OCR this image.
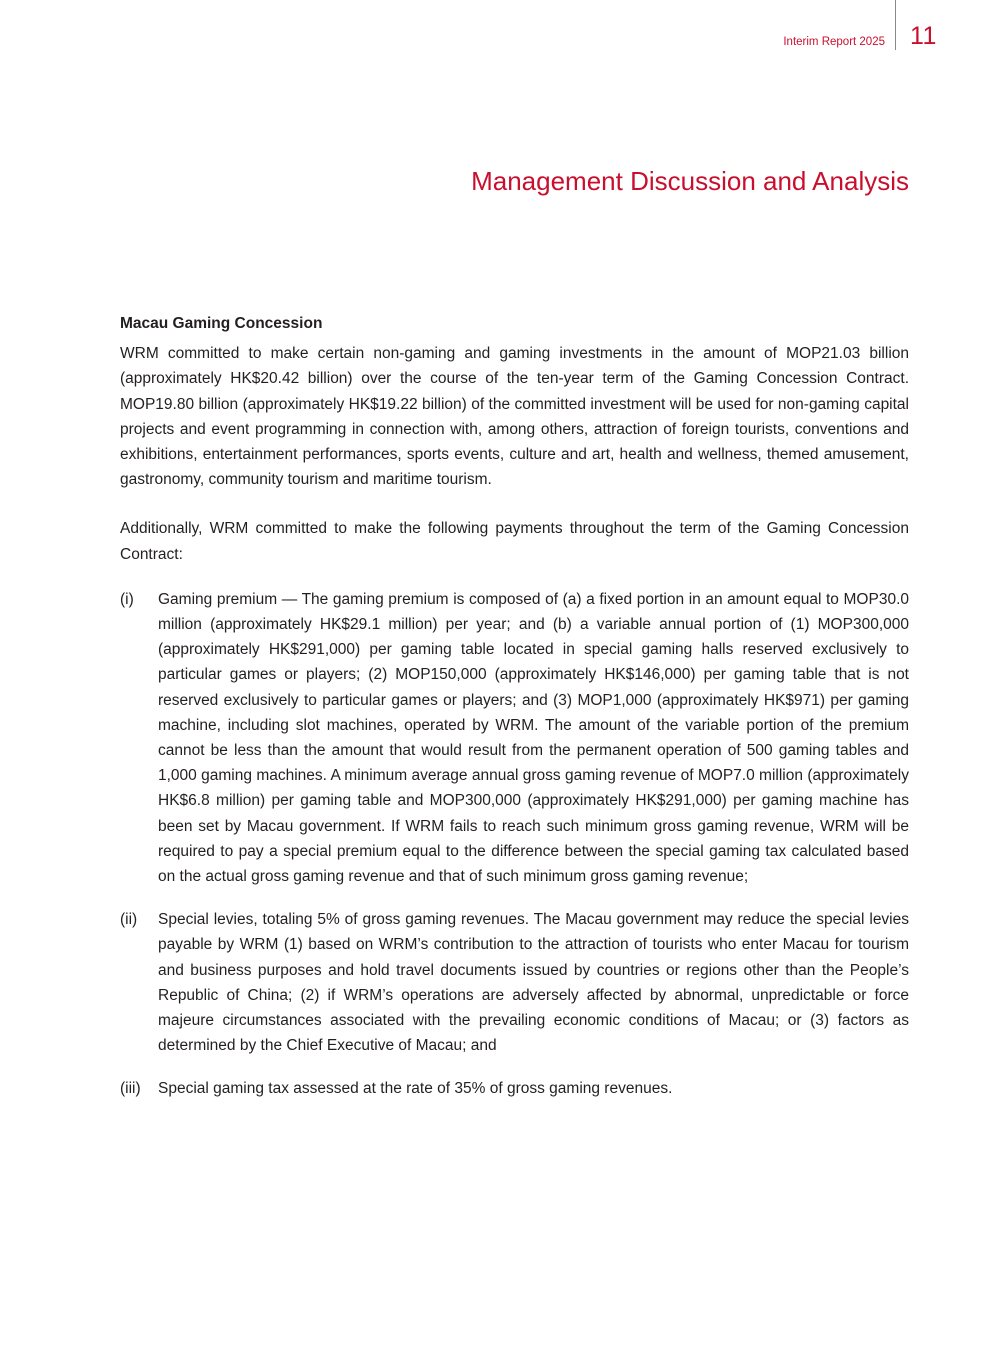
Interim Report 2025 11
Management Discussion and Analysis
Macau Gaming Concession

WRM committed to make certain non-gaming and gaming investments in the amount of MOP21.03 billion (approximately HK$20.42 billion) over the course of the ten-year term of the Gaming Concession Contract. MOP19.80 billion (approximately HK$19.22 billion) of the committed investment will be used for non-gaming capital projects and event programming in connection with, among others, attraction of foreign tourists, conventions and exhibitions, entertainment performances, sports events, culture and art, health and wellness, themed amusement, gastronomy, community tourism and maritime tourism.

Additionally, WRM committed to make the following payments throughout the term of the Gaming Concession Contract:

(i)	Gaming premium — The gaming premium is composed of (a) a fixed portion in an amount equal to MOP30.0 million (approximately HK$29.1 million) per year; and (b) a variable annual portion of (1) MOP300,000 (approximately HK$291,000) per gaming table located in special gaming halls reserved exclusively to particular games or players; (2) MOP150,000 (approximately HK$146,000) per gaming table that is not reserved exclusively to particular games or players; and (3) MOP1,000 (approximately HK$971) per gaming machine, including slot machines, operated by WRM. The amount of the variable portion of the premium cannot be less than the amount that would result from the permanent operation of 500 gaming tables and 1,000 gaming machines. A minimum average annual gross gaming revenue of MOP7.0 million (approximately HK$6.8 million) per gaming table and MOP300,000 (approximately HK$291,000) per gaming machine has been set by Macau government. If WRM fails to reach such minimum gross gaming revenue, WRM will be required to pay a special premium equal to the difference between the special gaming tax calculated based on the actual gross gaming revenue and that of such minimum gross gaming revenue;
(ii)	Special levies, totaling 5% of gross gaming revenues. The Macau government may reduce the special levies payable by WRM (1) based on WRM’s contribution to the attraction of tourists who enter Macau for tourism and business purposes and hold travel documents issued by countries or regions other than the People’s Republic of China; (2) if WRM’s operations are adversely affected by abnormal, unpredictable or force majeure circumstances associated with the prevailing economic conditions of Macau; or (3) factors as determined by the Chief Executive of Macau; and
(iii)	Special gaming tax assessed at the rate of 35% of gross gaming revenues.
